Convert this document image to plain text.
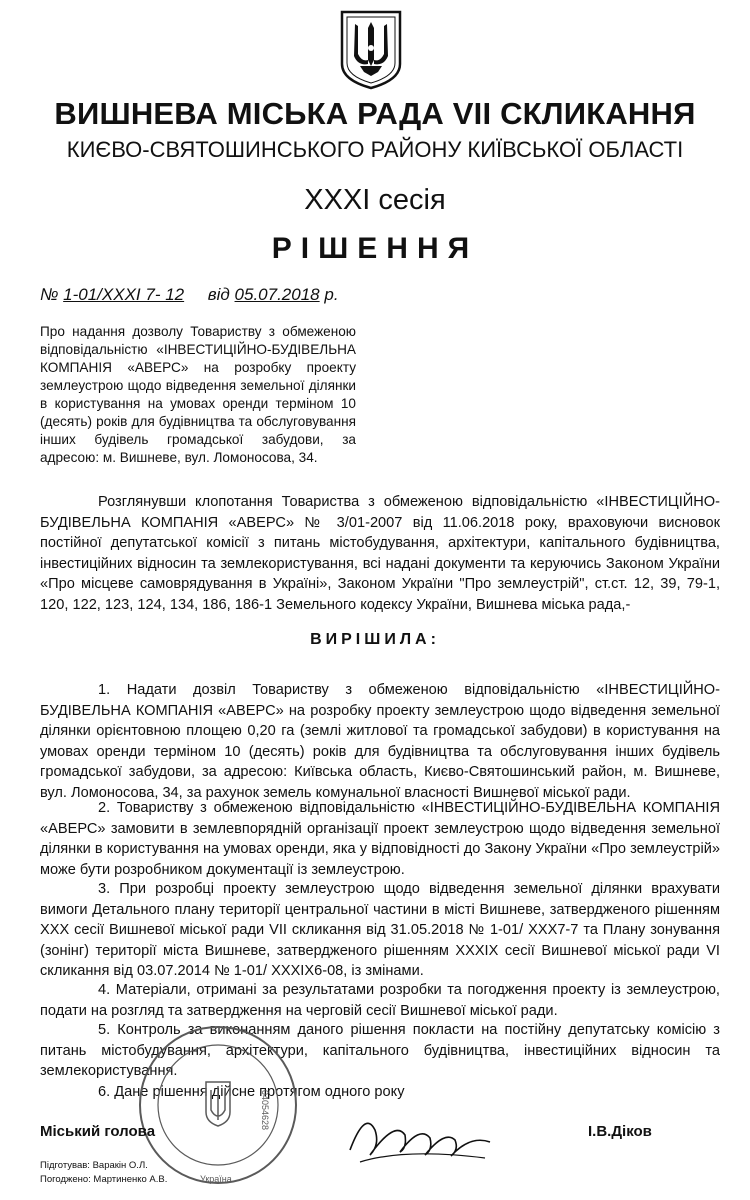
ВИШНЕВА МІСЬКА РАДА VII СКЛИКАННЯ
КИЄВО-СВЯТОШИНСЬКОГО РАЙОНУ КИЇВСЬКОЇ ОБЛАСТІ
XXXI сесія
РІШЕННЯ
№ 1-01/XXXI 7- 12 від 05.07.2018 р.
Про надання дозволу Товариству з обмеженою відповідальністю «ІНВЕСТИЦІЙНО-БУДІВЕЛЬНА КОМПАНІЯ «АВЕРС» на розробку проекту землеустрою щодо відведення земельної ділянки в користування на умовах оренди терміном 10 (десять) років для будівництва та обслуговування інших будівель громадської забудови, за адресою: м. Вишневе, вул. Ломоносова, 34.
Розглянувши клопотання Товариства з обмеженою відповідальністю «ІНВЕСТИЦІЙНО-БУДІВЕЛЬНА КОМПАНІЯ «АВЕРС» № 3/01-2007 від 11.06.2018 року, враховуючи висновок постійної депутатської комісії з питань містобудування, архітектури, капітального будівництва, інвестиційних відносин та землекористування, всі надані документи та керуючись Законом України «Про місцеве самоврядування в Україні», Законом України "Про землеустрій", ст.ст. 12, 39, 79-1, 120, 122, 123, 124, 134, 186, 186-1 Земельного кодексу України, Вишнева міська рада,-
ВИРІШИЛА:
1. Надати дозвіл Товариству з обмеженою відповідальністю «ІНВЕСТИЦІЙНО-БУДІВЕЛЬНА КОМПАНІЯ «АВЕРС» на розробку проекту землеустрою щодо відведення земельної ділянки орієнтовною площею 0,20 га (землі житлової та громадської забудови) в користування на умовах оренди терміном 10 (десять) років для будівництва та обслуговування інших будівель громадської забудови, за адресою: Київська область, Києво-Святошинський район, м. Вишневе, вул. Ломоносова, 34, за рахунок земель комунальної власності Вишневої міської ради.
2. Товариству з обмеженою відповідальністю «ІНВЕСТИЦІЙНО-БУДІВЕЛЬНА КОМПАНІЯ «АВЕРС» замовити в землевпорядній організації проект землеустрою щодо відведення земельної ділянки в користування на умовах оренди, яка у відповідності до Закону України «Про землеустрій» може бути розробником документації із землеустрою.
3. При розробці проекту землеустрою щодо відведення земельної ділянки врахувати вимоги Детального плану території центральної частини в місті Вишневе, затвердженого рішенням XXX сесії Вишневої міської ради VII скликання від 31.05.2018 № 1-01/ XXX7-7 та Плану зонування (зонінг) території міста Вишневе, затвердженого рішенням XXXIX сесії Вишневої міської ради VI скликання від 03.07.2014 № 1-01/ XXXIX6-08, із змінами.
4. Матеріали, отримані за результатами розробки та погодження проекту із землеустрою, подати на розгляд та затвердження на черговій сесії Вишневої міської ради.
5. Контроль за виконанням даного рішення покласти на постійну депутатську комісію з питань містобудування, архітектури, капітального будівництва, інвестиційних відносин та землекористування.
6. Дане рішення дійсне протягом одного року
04054628
Україна
Міський голова	І.В.Діков
Підготував: Варакін О.Л.
Погоджено: Мартиненко А.В.
